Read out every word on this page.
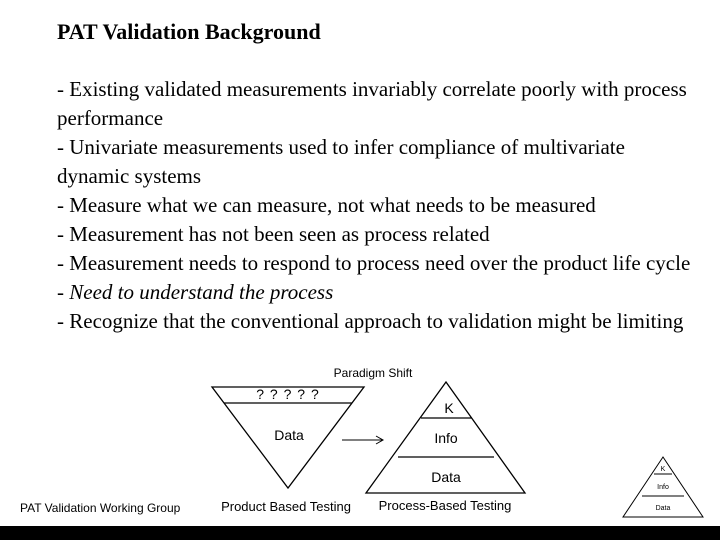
PAT Validation Background
- Existing validated measurements invariably correlate poorly with process performance
- Univariate measurements used to infer compliance of multivariate dynamic systems
- Measure what we can measure, not what needs to be measured
- Measurement has not been seen as process related
- Measurement needs to respond to process need over the product life cycle
- Need to understand the process
- Recognize that the conventional approach to validation might be limiting
? ? ? ? ?
Data
Product Based Testing
Paradigm Shift
K
Info
Data
Process-Based Testing
K
Info
Data
PAT Validation Working Group
